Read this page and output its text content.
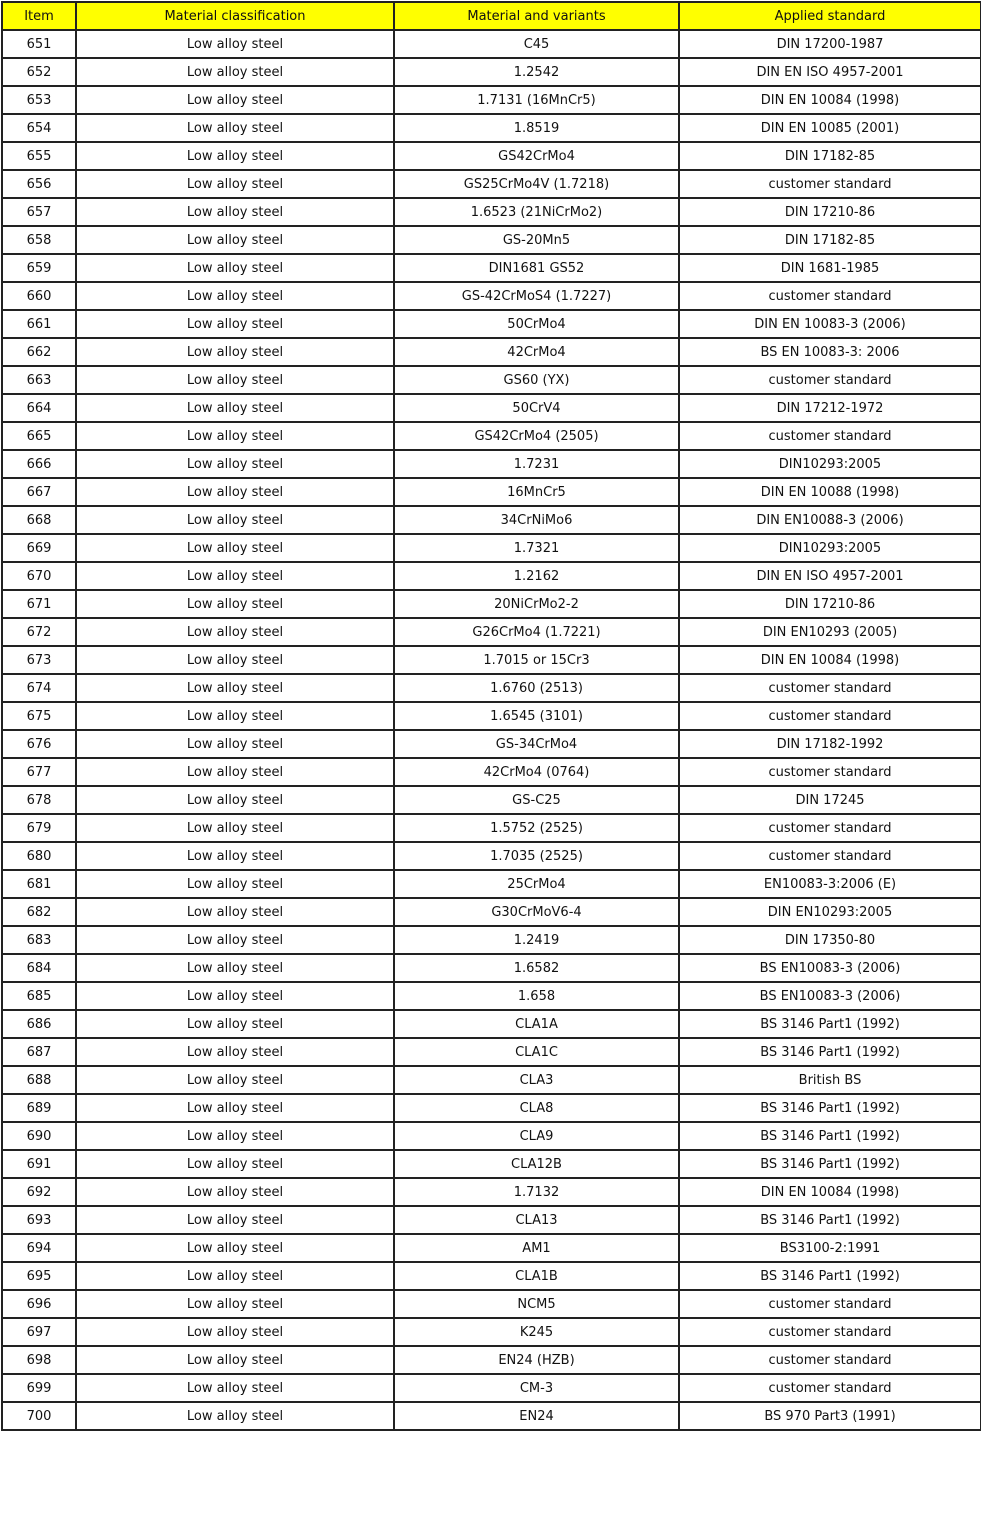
Item	Material classification	Material and variants	Applied standard
651	Low alloy steel	C45	DIN 17200-1987
652	Low alloy steel	1.2542	DIN EN ISO 4957-2001
653	Low alloy steel	1.7131 (16MnCr5)	DIN EN 10084 (1998)
654	Low alloy steel	1.8519	DIN EN 10085 (2001)
655	Low alloy steel	GS42CrMo4	DIN 17182-85
656	Low alloy steel	GS25CrMo4V (1.7218)	customer standard
657	Low alloy steel	1.6523 (21NiCrMo2)	DIN 17210-86
658	Low alloy steel	GS-20Mn5	DIN 17182-85
659	Low alloy steel	DIN1681 GS52	DIN 1681-1985
660	Low alloy steel	GS-42CrMoS4 (1.7227)	customer standard
661	Low alloy steel	50CrMo4	DIN EN 10083-3 (2006)
662	Low alloy steel	42CrMo4	BS EN 10083-3: 2006
663	Low alloy steel	GS60 (YX)	customer standard
664	Low alloy steel	50CrV4	DIN 17212-1972
665	Low alloy steel	GS42CrMo4 (2505)	customer standard
666	Low alloy steel	1.7231	DIN10293:2005
667	Low alloy steel	16MnCr5	DIN EN 10088 (1998)
668	Low alloy steel	34CrNiMo6	DIN EN10088-3 (2006)
669	Low alloy steel	1.7321	DIN10293:2005
670	Low alloy steel	1.2162	DIN EN ISO 4957-2001
671	Low alloy steel	20NiCrMo2-2	DIN 17210-86
672	Low alloy steel	G26CrMo4 (1.7221)	DIN EN10293 (2005)
673	Low alloy steel	1.7015 or 15Cr3	DIN EN 10084 (1998)
674	Low alloy steel	1.6760 (2513)	customer standard
675	Low alloy steel	1.6545 (3101)	customer standard
676	Low alloy steel	GS-34CrMo4	DIN 17182-1992
677	Low alloy steel	42CrMo4 (0764)	customer standard
678	Low alloy steel	GS-C25	DIN 17245
679	Low alloy steel	1.5752 (2525)	customer standard
680	Low alloy steel	1.7035 (2525)	customer standard
681	Low alloy steel	25CrMo4	EN10083-3:2006 (E)
682	Low alloy steel	G30CrMoV6-4	DIN EN10293:2005
683	Low alloy steel	1.2419	DIN 17350-80
684	Low alloy steel	1.6582	BS EN10083-3 (2006)
685	Low alloy steel	1.658	BS EN10083-3 (2006)
686	Low alloy steel	CLA1A	BS 3146 Part1 (1992)
687	Low alloy steel	CLA1C	BS 3146 Part1 (1992)
688	Low alloy steel	CLA3	British BS
689	Low alloy steel	CLA8	BS 3146 Part1 (1992)
690	Low alloy steel	CLA9	BS 3146 Part1 (1992)
691	Low alloy steel	CLA12B	BS 3146 Part1 (1992)
692	Low alloy steel	1.7132	DIN EN 10084 (1998)
693	Low alloy steel	CLA13	BS 3146 Part1 (1992)
694	Low alloy steel	AM1	BS3100-2:1991
695	Low alloy steel	CLA1B	BS 3146 Part1 (1992)
696	Low alloy steel	NCM5	customer standard
697	Low alloy steel	K245	customer standard
698	Low alloy steel	EN24 (HZB)	customer standard
699	Low alloy steel	CM-3	customer standard
700	Low alloy steel	EN24	BS 970 Part3 (1991)
